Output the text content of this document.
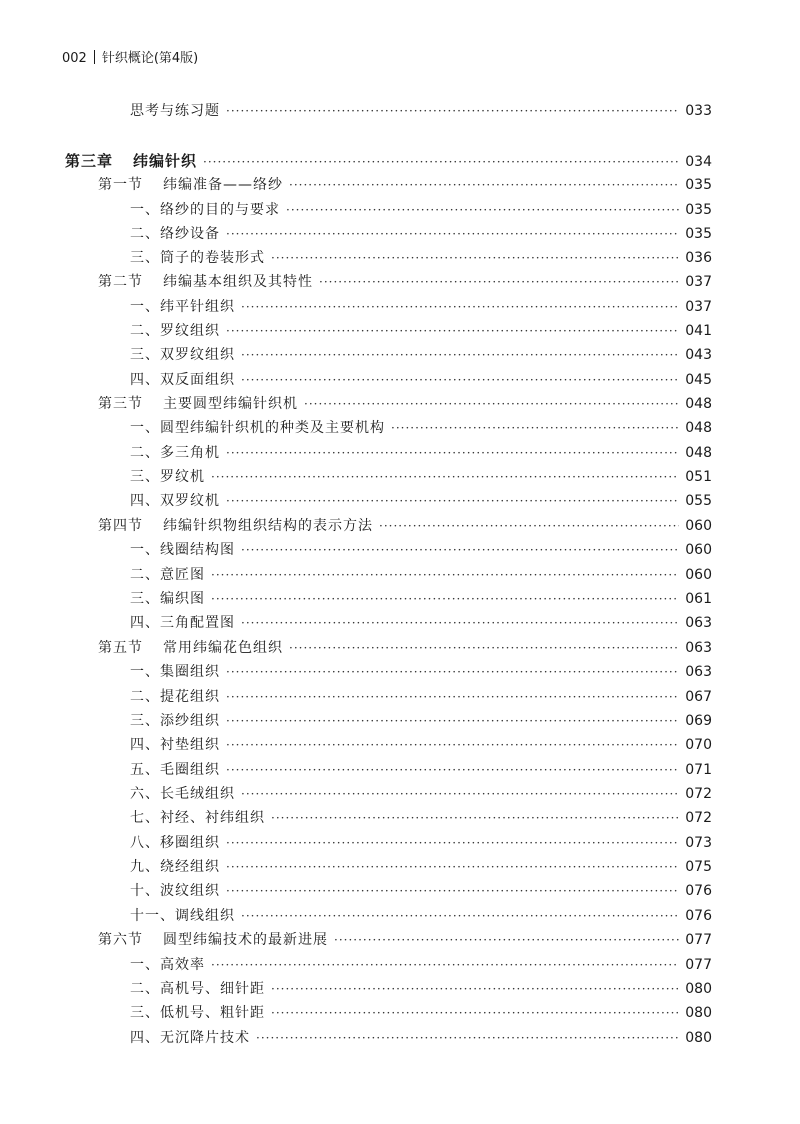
002 针织概论(第4版)
思考与练习题 ·····	033
第三章 纬编针织 ·····	034
第一节 纬编准备——络纱 ·····	035
一、络纱的目的与要求 ·····	035
二、络纱设备 ·····	035
三、筒子的卷装形式 ·····	036
第二节 纬编基本组织及其特性 ·····	037
一、纬平针组织 ·····	037
二、罗纹组织 ·····	041
三、双罗纹组织 ·····	043
四、双反面组织 ·····	045
第三节 主要圆型纬编针织机 ·····	048
一、圆型纬编针织机的种类及主要机构 ·····	048
二、多三角机 ·····	048
三、罗纹机 ·····	051
四、双罗纹机 ·····	055
第四节 纬编针织物组织结构的表示方法 ·····	060
一、线圈结构图 ·····	060
二、意匠图 ·····	060
三、编织图 ·····	061
四、三角配置图 ·····	063
第五节 常用纬编花色组织 ·····	063
一、集圈组织 ·····	063
二、提花组织 ·····	067
三、添纱组织 ·····	069
四、衬垫组织 ·····	070
五、毛圈组织 ·····	071
六、长毛绒组织 ·····	072
七、衬经、衬纬组织 ·····	072
八、移圈组织 ·····	073
九、绕经组织 ·····	075
十、波纹组织 ·····	076
十一、调线组织 ·····	076
第六节 圆型纬编技术的最新进展 ·····	077
一、高效率 ·····	077
二、高机号、细针距 ·····	080
三、低机号、粗针距 ·····	080
四、无沉降片技术 ·····	080
